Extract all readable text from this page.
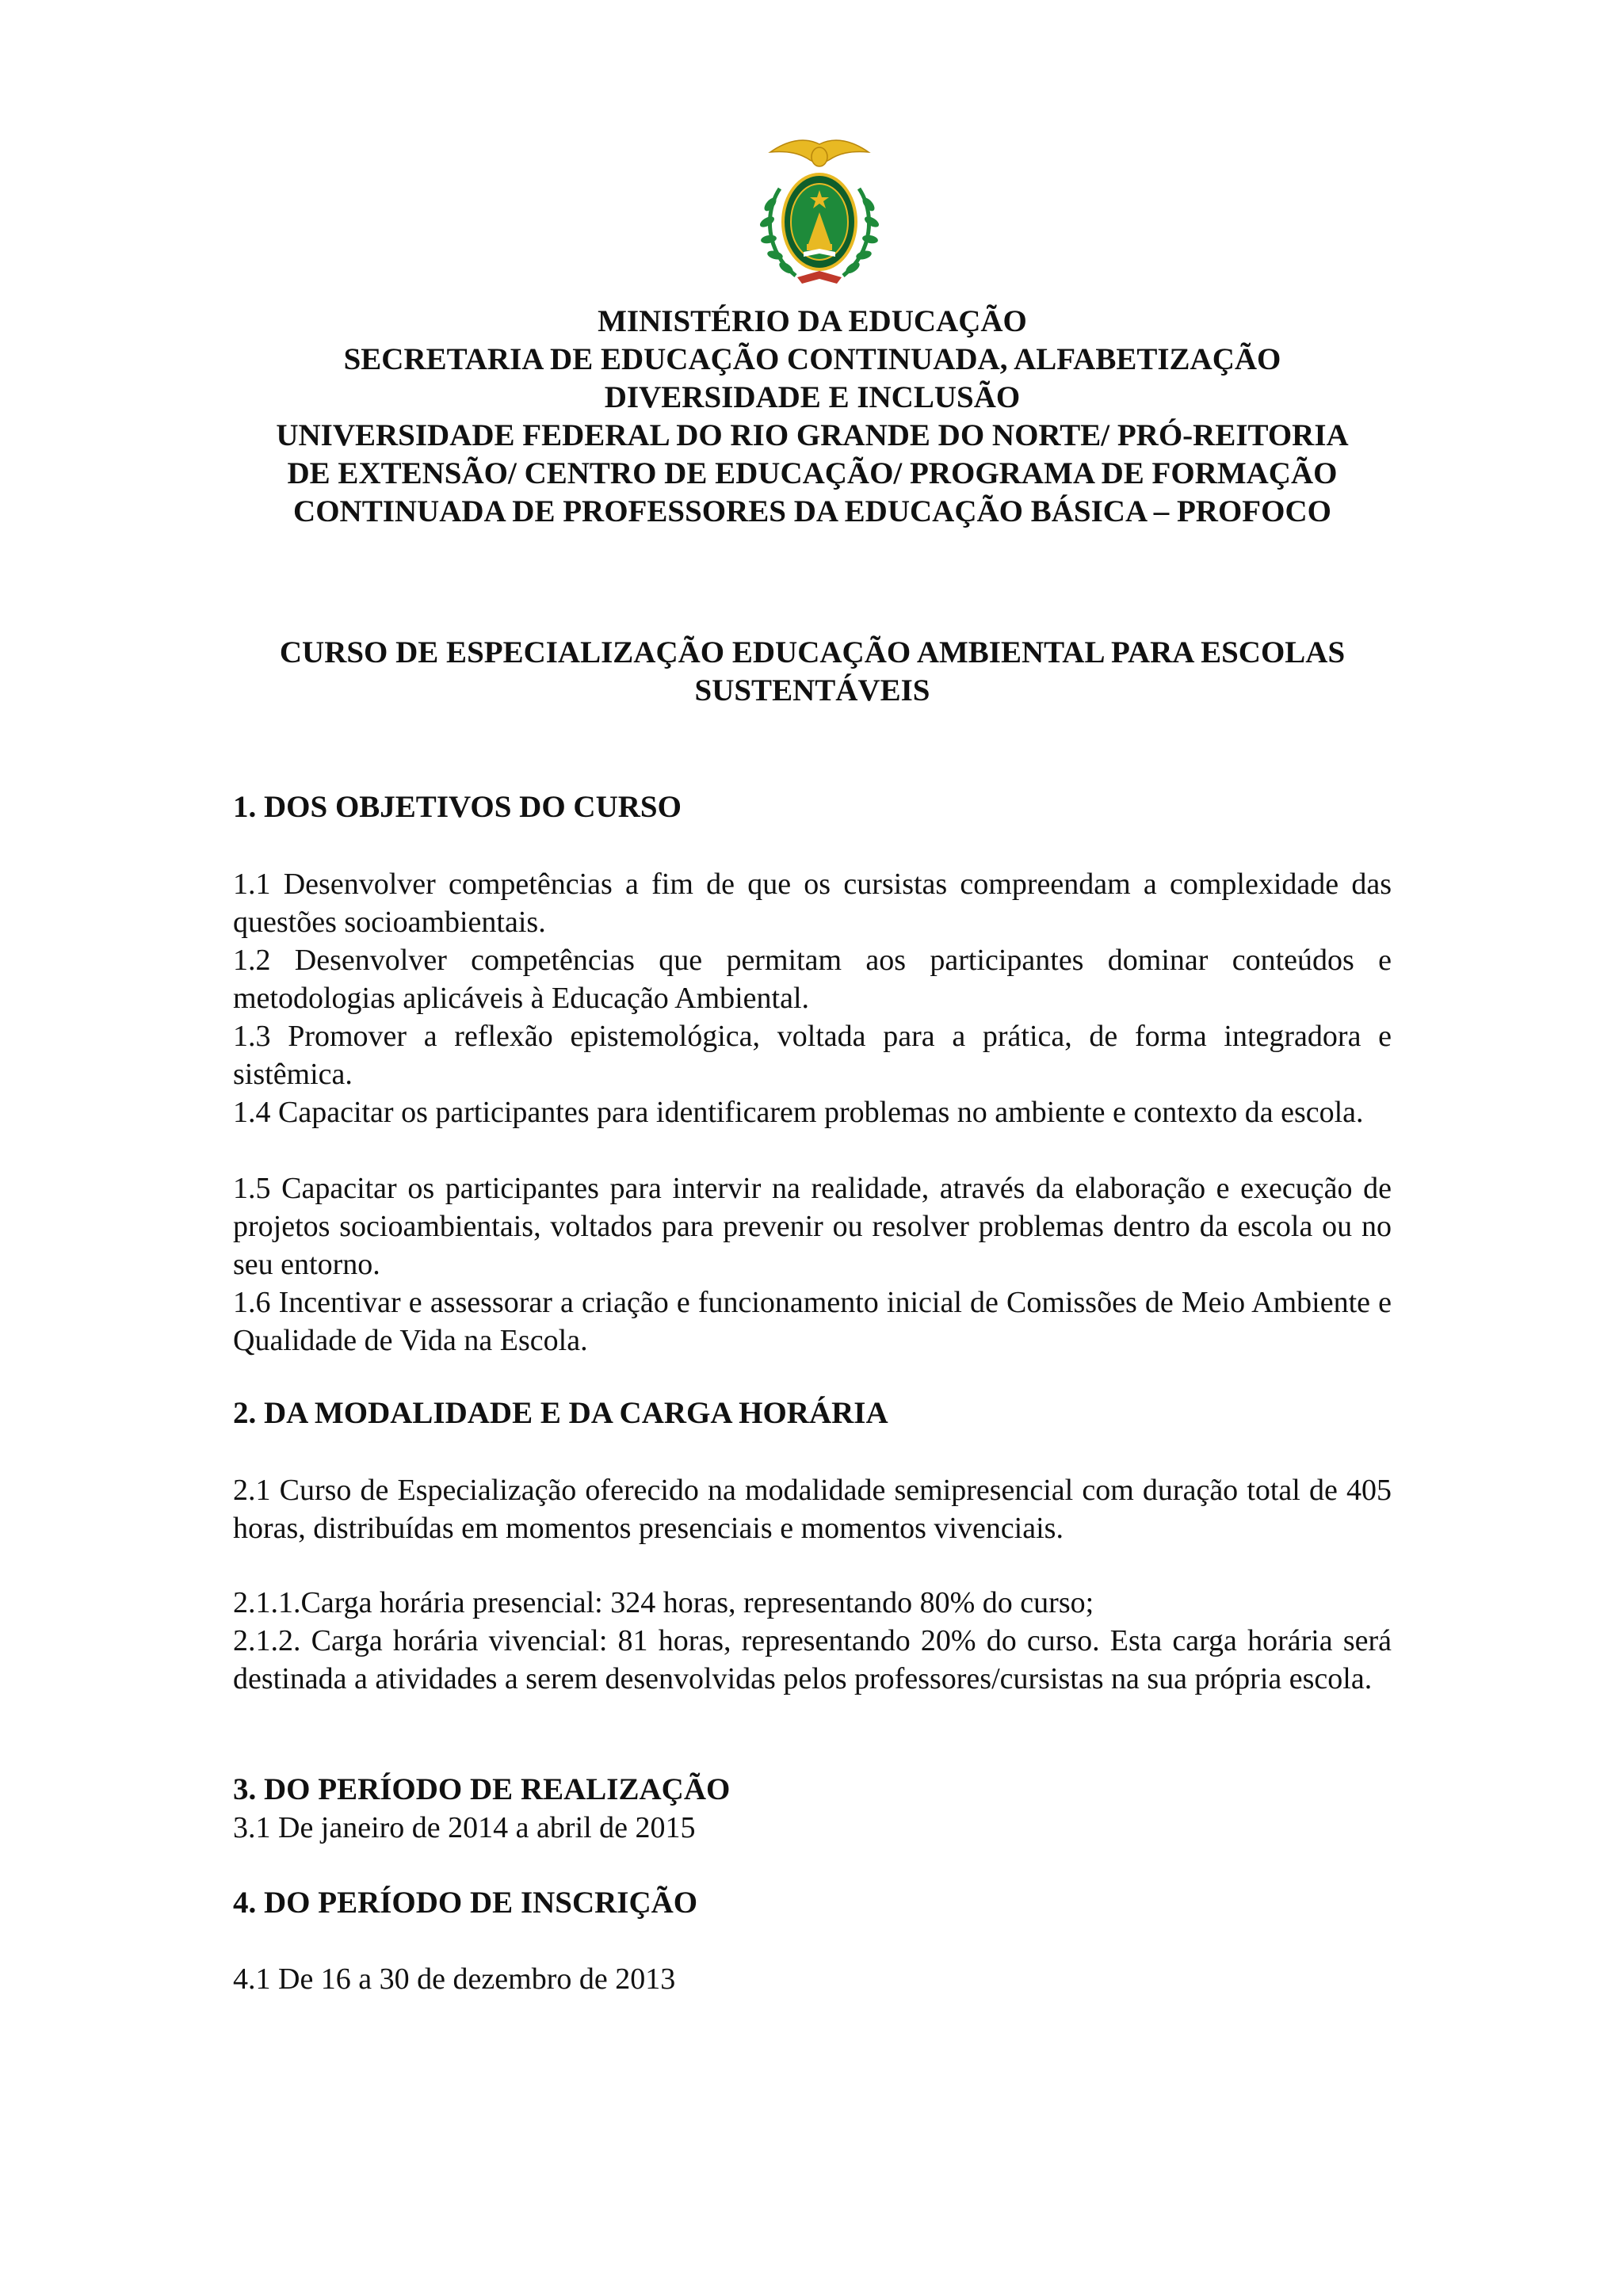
MINISTÉRIO DA EDUCAÇÃO
SECRETARIA DE EDUCAÇÃO CONTINUADA, ALFABETIZAÇÃO
DIVERSIDADE E INCLUSÃO
UNIVERSIDADE FEDERAL DO RIO GRANDE DO NORTE/ PRÓ-REITORIA
DE EXTENSÃO/ CENTRO DE EDUCAÇÃO/ PROGRAMA DE FORMAÇÃO
CONTINUADA DE PROFESSORES DA EDUCAÇÃO BÁSICA – PROFOCO
CURSO DE ESPECIALIZAÇÃO EDUCAÇÃO AMBIENTAL PARA ESCOLAS
SUSTENTÁVEIS
1. DOS OBJETIVOS DO CURSO
1.1 Desenvolver competências a fim de que os cursistas compreendam a complexidade das questões socioambientais.
1.2 Desenvolver competências que permitam aos participantes dominar conteúdos e metodologias aplicáveis à Educação Ambiental.
1.3 Promover a reflexão epistemológica, voltada para a prática, de forma integradora e sistêmica.
1.4 Capacitar os participantes para identificarem problemas no ambiente e contexto da escola.
1.5 Capacitar os participantes para intervir na realidade, através da elaboração e execução de projetos socioambientais, voltados para prevenir ou resolver problemas dentro da escola ou no seu entorno.
1.6 Incentivar e assessorar a criação e funcionamento inicial de Comissões de Meio Ambiente e Qualidade de Vida na Escola.
2. DA MODALIDADE E DA CARGA HORÁRIA
2.1 Curso de Especialização oferecido na modalidade semipresencial com duração total de 405 horas, distribuídas em momentos presenciais e momentos vivenciais.
2.1.1.Carga horária presencial: 324 horas, representando 80% do curso;
2.1.2. Carga horária vivencial: 81 horas, representando 20% do curso. Esta carga horária será destinada a atividades a serem desenvolvidas pelos professores/cursistas na sua própria escola.
3. DO PERÍODO DE REALIZAÇÃO
3.1 De janeiro de 2014 a abril de 2015
4. DO PERÍODO DE INSCRIÇÃO
4.1 De 16 a 30 de dezembro de 2013
